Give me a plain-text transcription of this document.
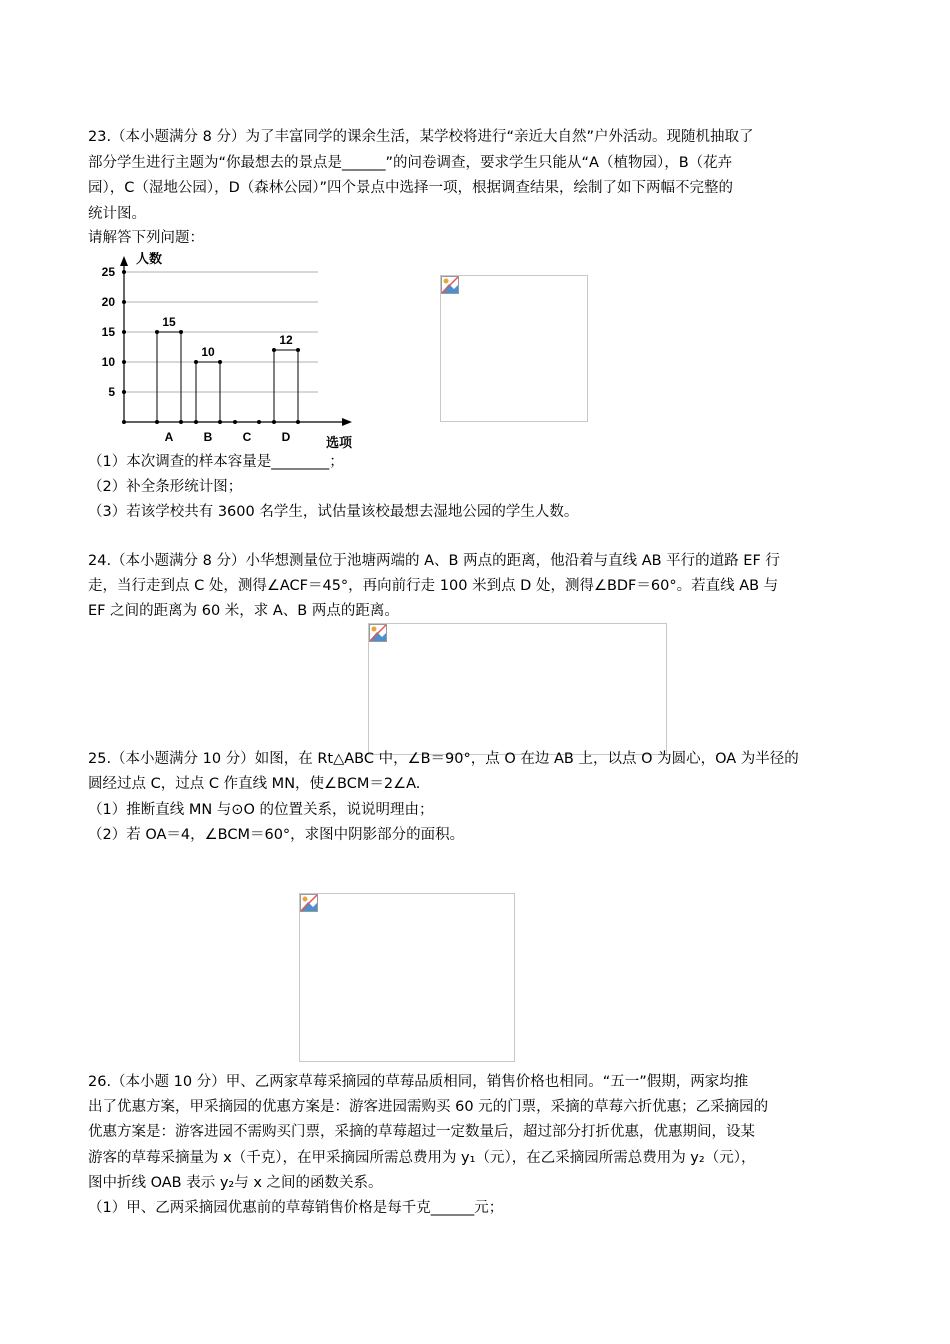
23.（本小题满分 8 分）为了丰富同学的课余生活，某学校将进行“亲近大自然”户外活动。现随机抽取了
部分学生进行主题为“你最想去的景点是______”的问卷调查，要求学生只能从“A（植物园），B（花卉
园），C（湿地公园），D（森林公园）”四个景点中选择一项，根据调查结果，绘制了如下两幅不完整的
统计图。
请解答下列问题：
5
10
15
20
25
人数
选项
A
15
B
10
C	D
12
（1）本次调查的样本容量是________；
（2）补全条形统计图；
（3）若该学校共有 3600 名学生，试估量该校最想去湿地公园的学生人数。
24.（本小题满分 8 分）小华想测量位于池塘两端的 A、B 两点的距离，他沿着与直线 AB 平行的道路 EF 行
走，当行走到点 C 处，测得∠ACF＝45°，再向前行走 100 米到点 D 处，测得∠BDF＝60°。若直线 AB 与
EF 之间的距离为 60 米，求 A、B 两点的距离。
25.（本小题满分 10 分）如图，在 Rt△ABC 中，∠B＝90°，点 O 在边 AB 上，以点 O 为圆心，OA 为半径的
圆经过点 C，过点 C 作直线 MN，使∠BCM＝2∠A.
（1）推断直线 MN 与⊙O 的位置关系，说说明理由；
（2）若 OA＝4，∠BCM＝60°，求图中阴影部分的面积。
26.（本小题 10 分）甲、乙两家草莓采摘园的草莓品质相同，销售价格也相同。“五一”假期，两家均推
出了优惠方案，甲采摘园的优惠方案是：游客进园需购买 60 元的门票，采摘的草莓六折优惠；乙采摘园的
优惠方案是：游客进园不需购买门票，采摘的草莓超过一定数量后，超过部分打折优惠，优惠期间，设某
游客的草莓采摘量为 x（千克），在甲采摘园所需总费用为 y₁（元），在乙采摘园所需总费用为 y₂（元），
图中折线 OAB 表示 y₂与 x 之间的函数关系。
（1）甲、乙两采摘园优惠前的草莓销售价格是每千克______元；
